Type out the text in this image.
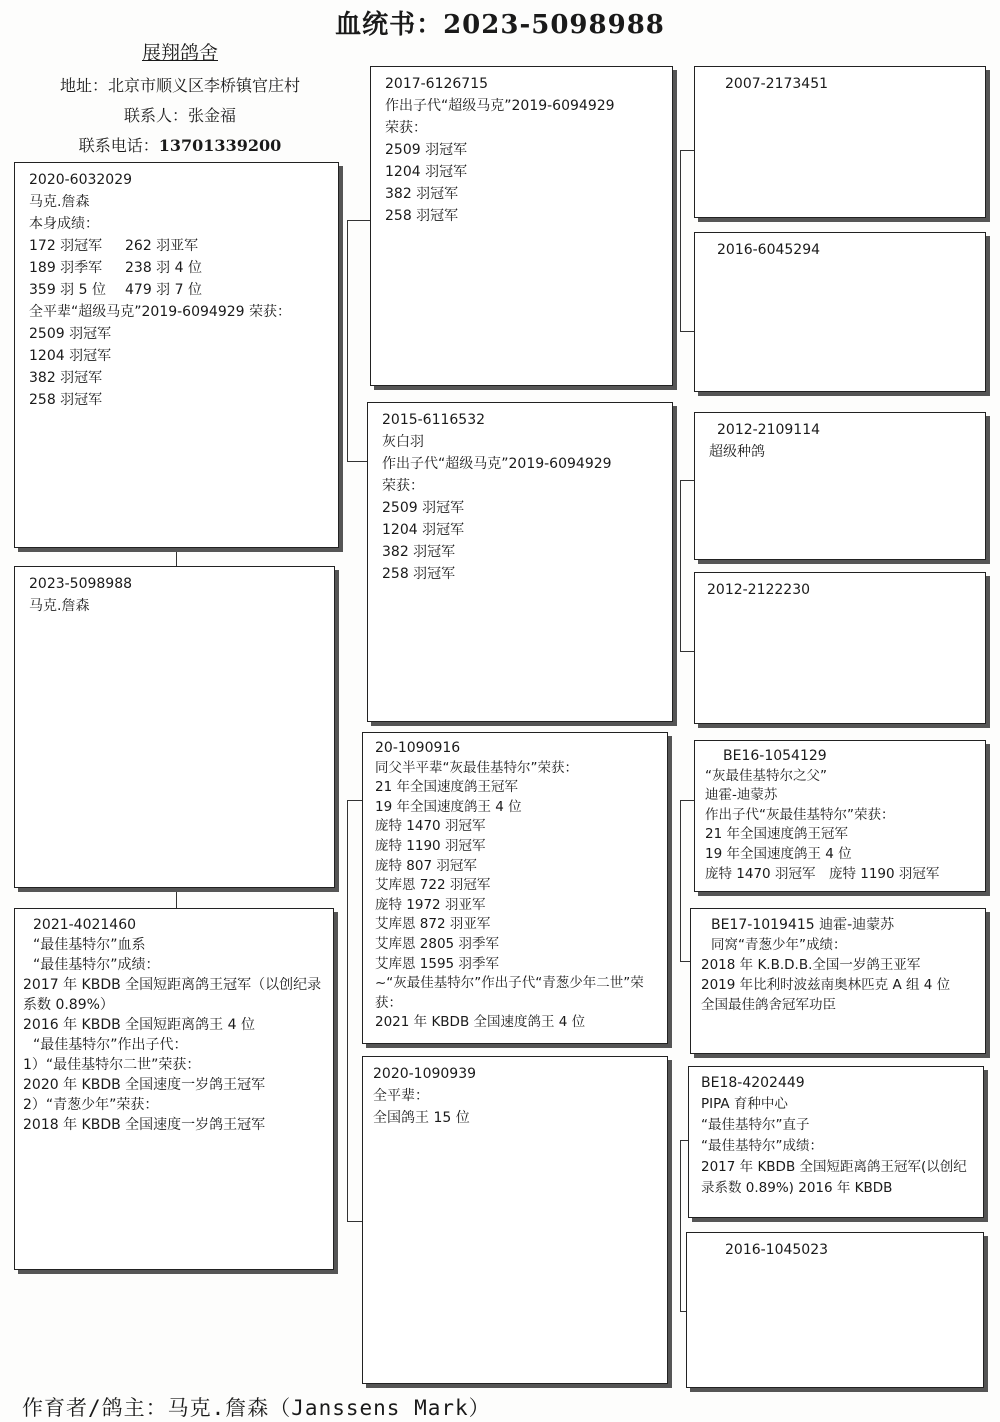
血统书：2023-5098988
展翔鸽舍
地址：北京市顺义区李桥镇官庄村
联系人：张金福
联系电话：13701339200
2020-6032029
马克.詹森
本身成绩：
172 羽冠军 262 羽亚军
189 羽季军 238 羽 4 位
359 羽 5 位 479 羽 7 位
全平辈“超级马克”2019-6094929 荣获：
2509 羽冠军
1204 羽冠军
382 羽冠军
258 羽冠军
2023-5098988
马克.詹森
2021-4021460
“最佳基特尔”血系
“最佳基特尔”成绩：
2017 年 KBDB 全国短距离鸽王冠军（以创纪录系数 0.89%）
2016 年 KBDB 全国短距离鸽王 4 位
“最佳基特尔”作出子代：
1）“最佳基特尔二世”荣获：
2020 年 KBDB 全国速度一岁鸽王冠军
2）“青葱少年”荣获：
2018 年 KBDB 全国速度一岁鸽王冠军
2017-6126715
作出子代“超级马克”2019-6094929
荣获：
2509 羽冠军
1204 羽冠军
382 羽冠军
258 羽冠军
2015-6116532
灰白羽
作出子代“超级马克”2019-6094929
荣获：
2509 羽冠军
1204 羽冠军
382 羽冠军
258 羽冠军
20-1090916
同父半平辈“灰最佳基特尔”荣获：
21 年全国速度鸽王冠军
19 年全国速度鸽王 4 位
庞特 1470 羽冠军
庞特 1190 羽冠军
庞特 807 羽冠军
艾库恩 722 羽冠军
庞特 1972 羽亚军
艾库恩 872 羽亚军
艾库恩 2805 羽季军
艾库恩 1595 羽季军
~“灰最佳基特尔”作出子代“青葱少年二世”荣获：
2021 年 KBDB 全国速度鸽王 4 位
2020-1090939
全平辈：
全国鸽王 15 位
2007-2173451
2016-6045294
2012-2109114
超级种鸽
2012-2122230
BE16-1054129
“灰最佳基特尔之父”
迪霍-迪蒙苏
作出子代“灰最佳基特尔”荣获：
21 年全国速度鸽王冠军
19 年全国速度鸽王 4 位
庞特 1470 羽冠军　庞特 1190 羽冠军
BE17-1019415 迪霍-迪蒙苏
同窝“青葱少年”成绩：
2018 年 K.B.D.B.全国一岁鸽王亚军
2019 年比利时波兹南奥林匹克 A 组 4 位
全国最佳鸽舍冠军功臣
BE18-4202449
PIPA 育种中心
“最佳基特尔”直子
“最佳基特尔”成绩：
2017 年 KBDB 全国短距离鸽王冠军(以创纪录系数 0.89%) 2016 年 KBDB
2016-1045023
作育者/鸽主：马克.詹森（Janssens Mark）
